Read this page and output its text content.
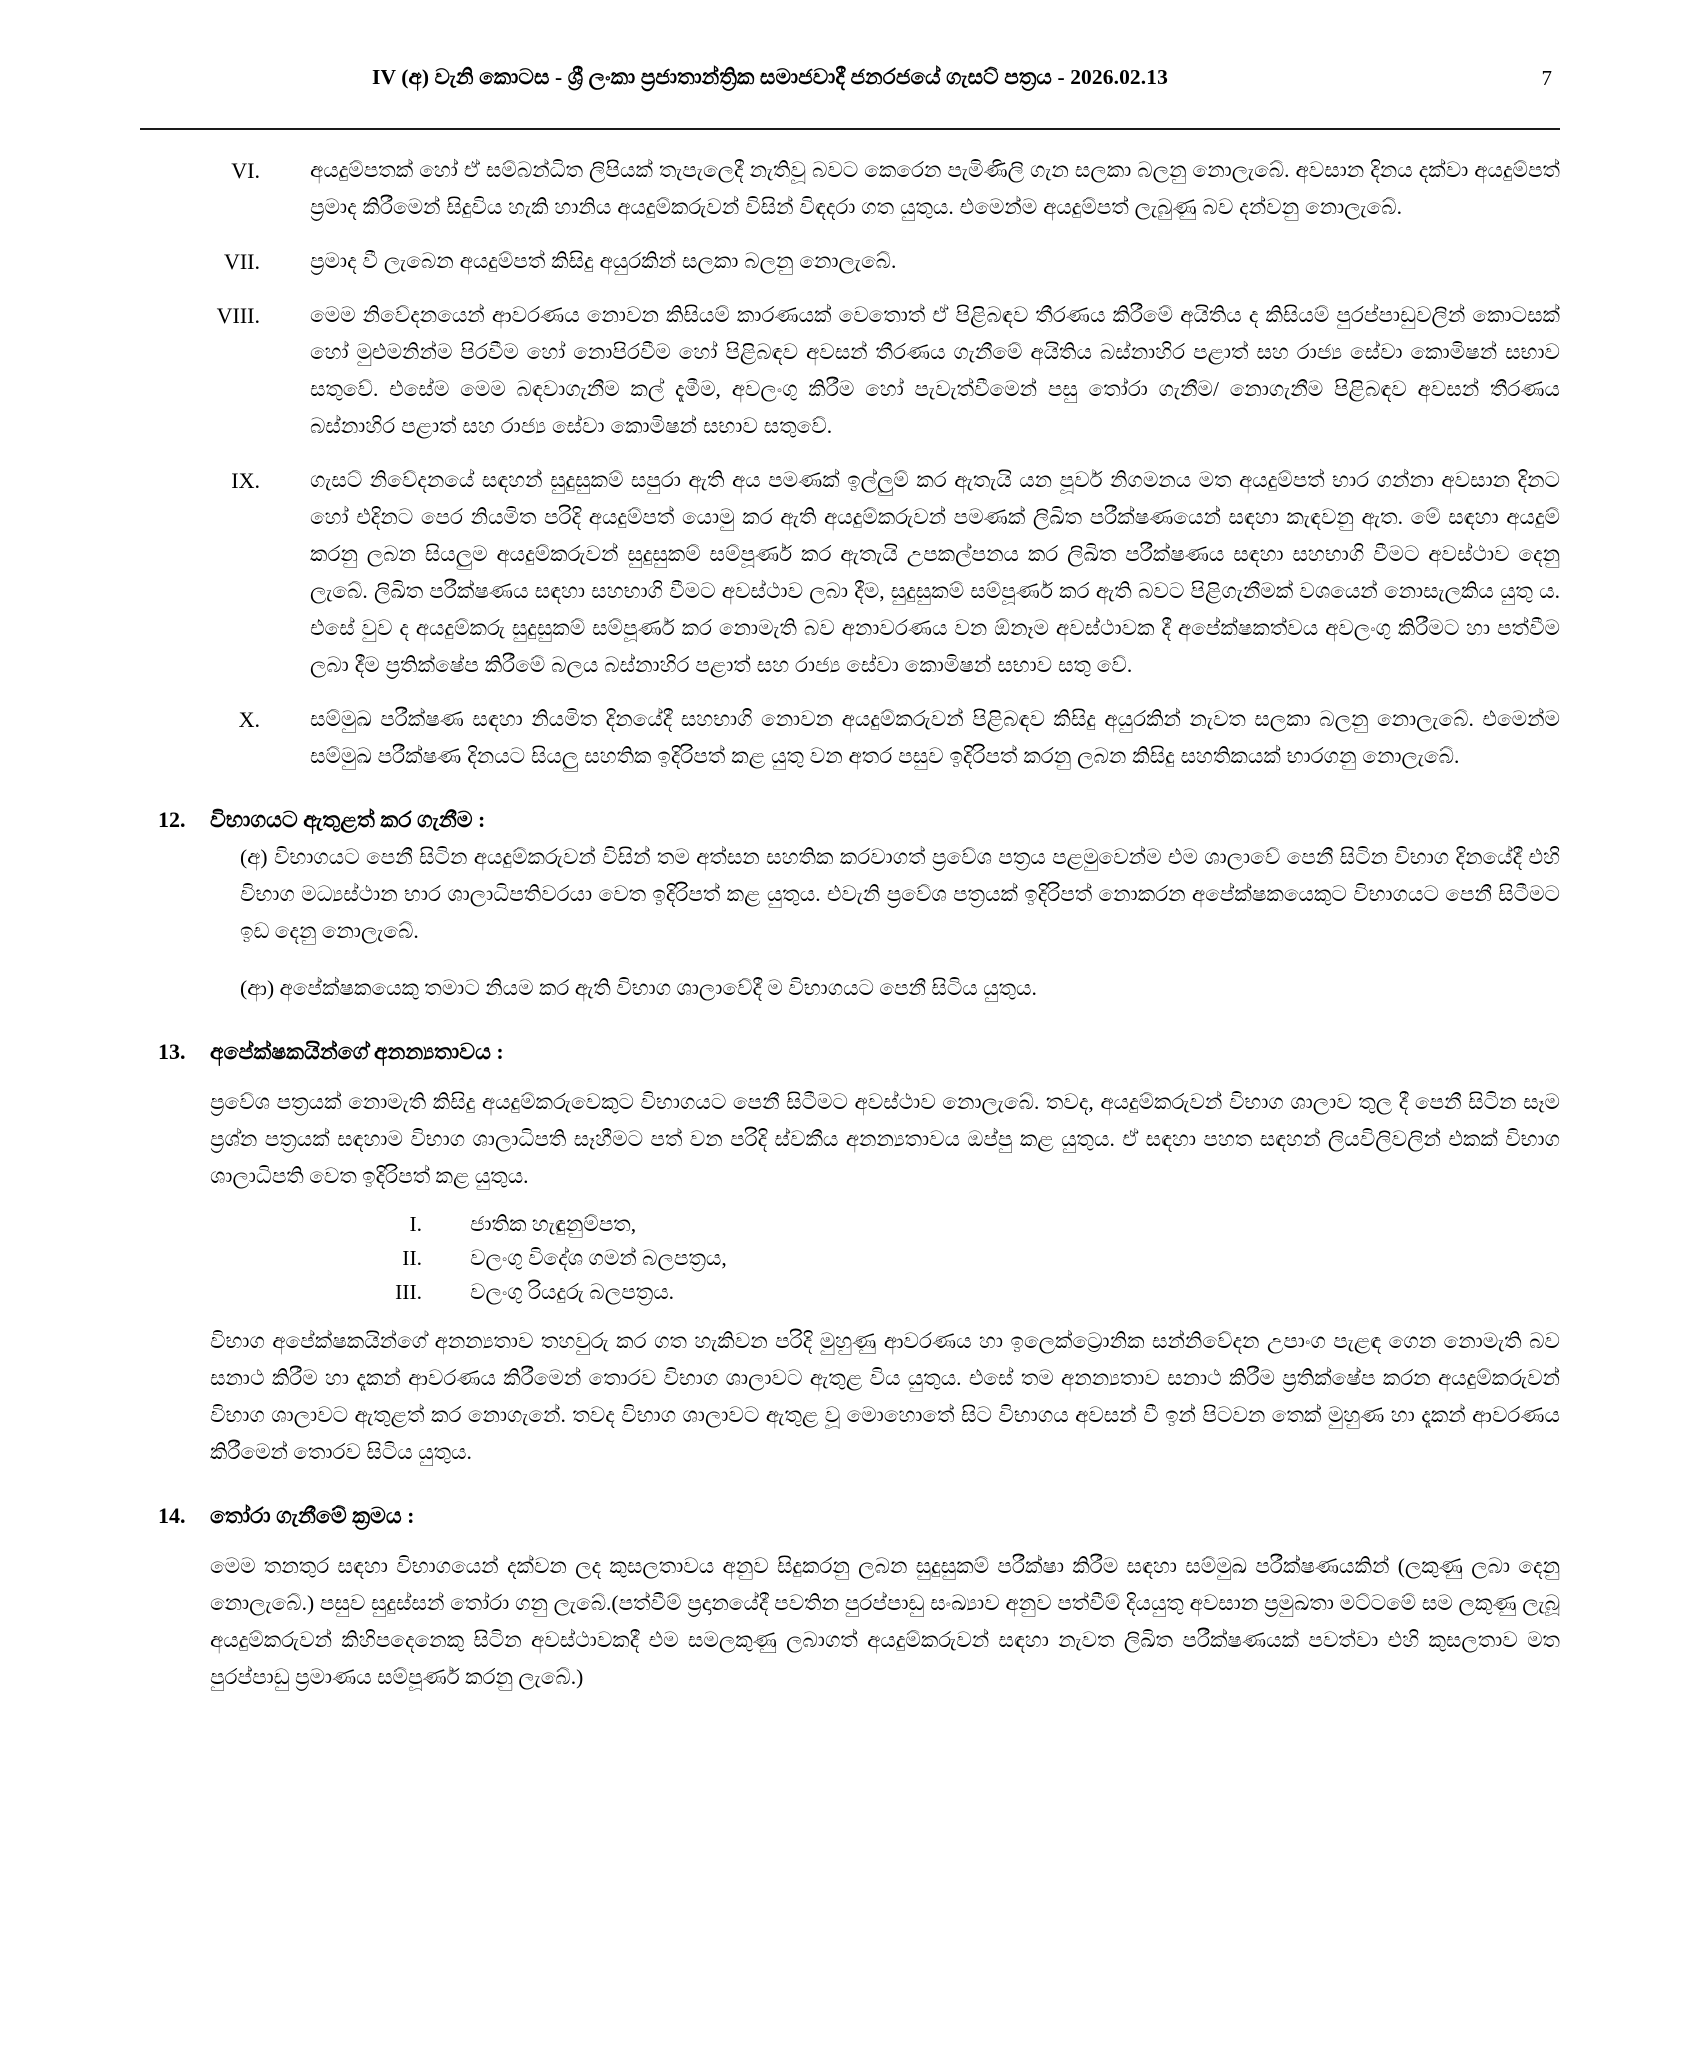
IV (අ) වැනි කොටස - ශ්‍රී ලංකා ප්‍රජාතාන්ත්‍රික සමාජවාදී ජනරජයේ ගැසට් පත්‍රය - 2026.02.13	7
VI.	අයදුම්පතක් හෝ ඒ සම්බන්ධිත ලිපියක් තැපැලෙදී නැතිවූ බවට කෙරෙන පැමිණිලි ගැන සලකා බලනු නොලැබේ. අවසාන දිනය දක්වා අයදුම්පත් ප්‍රමාද කිරීමෙන් සිදුවිය හැකි හානිය අයදුම්කරුවන් විසින් විඳදරා ගත යුතුය. එමෙන්ම අයදුම්පත් ලැබුණු බව දන්වනු නොලැබේ.
VII.	ප්‍රමාද වී ලැබෙන අයදුම්පත් කිසිදු අයුරකින් සලකා බලනු නොලැබේ.
VIII.	මෙම නිවේදනයෙන් ආවරණය නොවන කිසියම් කාරණයක් වෙතොත් ඒ පිළිබඳව තීරණය කිරීමේ අයිතිය ද කිසියම් පුරප්පාඩුවලින් කොටසක් හෝ මුළුමනින්ම පිරවීම හෝ නොපිරවීම හෝ පිළිබඳව අවසන් තීරණය ගැනීමේ අයිතිය බස්නාහිර පළාත් සහ රාජ්‍ය සේවා කොමිෂන් සභාව සතුවේ. එසේම මෙම බඳවාගැනීම කල් දැමීම, අවලංගු කිරීම හෝ පැවැත්වීමෙන් පසු තෝරා ගැනීම/ නොගැනීම පිළිබඳව අවසන් තීරණය බස්නාහිර පළාත් සහ රාජ්‍ය සේවා කොමිෂන් සභාව සතුවේ.
IX.	ගැසට් නිවේදනයේ සඳහන් සුදුසුකම් සපුරා ඇති අය පමණක් ඉල්ලුම් කර ඇතැයි යන පූර්ව නිගමනය මත අයදුම්පත් භාර ගන්නා අවසාන දිනට හෝ එදිනට පෙර නියමිත පරිදි අයදුම්පත් යොමු කර ඇති අයදුම්කරුවන් පමණක් ලිඛිත පරීක්ෂණයෙන් සඳහා කැඳවනු ඇත. මේ සඳහා අයදුම් කරනු ලබන සියලුම අයදුම්කරුවන් සුදුසුකම් සම්පූර්ණ කර ඇතැයි උපකල්පනය කර ලිඛිත පරීක්ෂණය සඳහා සහභාගි වීමට අවස්ථාව දෙනු ලැබේ. ලිඛිත පරීක්ෂණය සඳහා සහභාගි වීමට අවස්ථාව ලබා දීම, සුදුසුකම් සම්පූර්ණ කර ඇති බවට පිළිගැනීමක් වශයෙන් නොසැලකිය යුතු ය. එසේ වුව ද අයදුම්කරු සුදුසුකම් සම්පූර්ණ කර නොමැති බව අනාවරණය වන ඕනෑම අවස්ථාවක දී අපේක්ෂකත්වය අවලංගු කිරීමට හා පත්වීම ලබා දීම ප්‍රතික්ෂේප කිරීමේ බලය බස්නාහිර පළාත් සහ රාජ්‍ය සේවා කොමිෂන් සභාව සතු වේ.
X.	සම්මුඛ පරීක්ෂණ සඳහා නියමිත දිනයේදී සහභාගි නොවන අයදුම්කරුවන් පිළිබඳව කිසිදු අයුරකින් නැවත සලකා බලනු නොලැබේ. එමෙන්ම සම්මුඛ පරීක්ෂණ දිනයට සියලු සහතික ඉදිරිපත් කළ යුතු වන අතර පසුව ඉදිරිපත් කරනු ලබන කිසිදු සහතිකයක් භාරගනු නොලැබේ.
12.	විභාගයට ඇතුළත් කර ගැනීම :
(අ) විභාගයට පෙනී සිටින අයදුම්කරුවන් විසින් තම අත්සන සහතික කරවාගත් ප්‍රවේශ පත්‍රය පළමුවෙන්ම එම ශාලාවේ පෙනී සිටින විභාග දිනයේදී එහි විභාග මධ්‍යස්ථාන භාර ශාලාධිපතිවරයා වෙත ඉදිරිපත් කළ යුතුය. එවැනි ප්‍රවේශ පත්‍රයක් ඉදිරිපත් නොකරන අපේක්ෂකයෙකුට විභාගයට පෙනී සිටීමට ඉඩ දෙනු නොලැබේ.
(ආ) අපේක්ෂකයෙකු තමාට නියම කර ඇති විභාග ශාලාවේදී ම විභාගයට පෙනී සිටිය යුතුය.
13.	අපේක්ෂකයින්ගේ අනන්‍යතාවය :
ප්‍රවේශ පත්‍රයක් නොමැති කිසිදු අයදුම්කරුවෙකුට විභාගයට පෙනී සිටීමට අවස්ථාව නොලැබේ. තවද, අයදුම්කරුවන් විභාග ශාලාව තුල දී පෙනී සිටින සෑම ප්‍රශ්න පත්‍රයක් සඳහාම විභාග ශාලාධිපති සෑහීමට පත් වන පරිදි ස්වකීය අනන්‍යතාවය ඔප්පු කළ යුතුය. ඒ සඳහා පහත සඳහන් ලියවිලිවලින් එකක් විභාග ශාලාධිපති වෙත ඉදිරිපත් කළ යුතුය.
I.	ජාතික හැඳුනුම්පත,
II.	වලංගු විදේශ ගමන් බලපත්‍රය,
III.	වලංගු රියදුරු බලපත්‍රය.
විභාග අපේක්ෂකයින්ගේ අනන්‍යතාව තහවුරු කර ගත හැකිවන පරිදි මුහුණු ආවරණය හා ඉලෙක්ට්‍රොනික සන්නිවේදන උපාංග පැළඳ ගෙන නොමැති බව සනාථ කිරීම හා දෑකන් ආවරණය කිරීමෙන් තොරව විභාග ශාලාවට ඇතුළ විය යුතුය. එසේ තම අනන්‍යතාව සනාථ කිරීම ප්‍රතික්ෂේප කරන අයදුම්කරුවන් විභාග ශාලාවට ඇතුළත් කර නොගැනේ. තවද විභාග ශාලාවට ඇතුළ වූ මොහොතේ සිට විභාගය අවසන් වී ඉන් පිටවන තෙක් මුහුණ හා දෑකන් ආවරණය කිරීමෙන් තොරව සිටිය යුතුය.
14.	තෝරා ගැනීමේ ක්‍රමය :
මෙම තනතුර සඳහා විභාගයෙන් දක්වන ලද කුසලතාවය අනුව සිදුකරනු ලබන සුදුසුකම් පරීක්ෂා කිරීම සඳහා සම්මුඛ පරීක්ෂණයකින් (ලකුණු ලබා දෙනු නොලැබේ.) පසුව සුදුස්සන් තෝරා ගනු ලැබේ.(පත්වීම් ප්‍රදානයේදී පවතින පුරප්පාඩු සංඛ්‍යාව අනුව පත්වීම් දියයුතු අවසාන ප්‍රමුඛතා මට්ටමේ සම ලකුණු ලැබූ අයදුම්කරුවන් කිහිපදෙනෙකු සිටින අවස්ථාවකදී එම සමලකුණු ලබාගත් අයදුම්කරුවන් සඳහා නැවත ලිඛිත පරීක්ෂණයක් පවත්වා එහි කුසලතාව මත පුරප්පාඩු ප්‍රමාණය සම්පූර්ණ කරනු ලැබේ.)
